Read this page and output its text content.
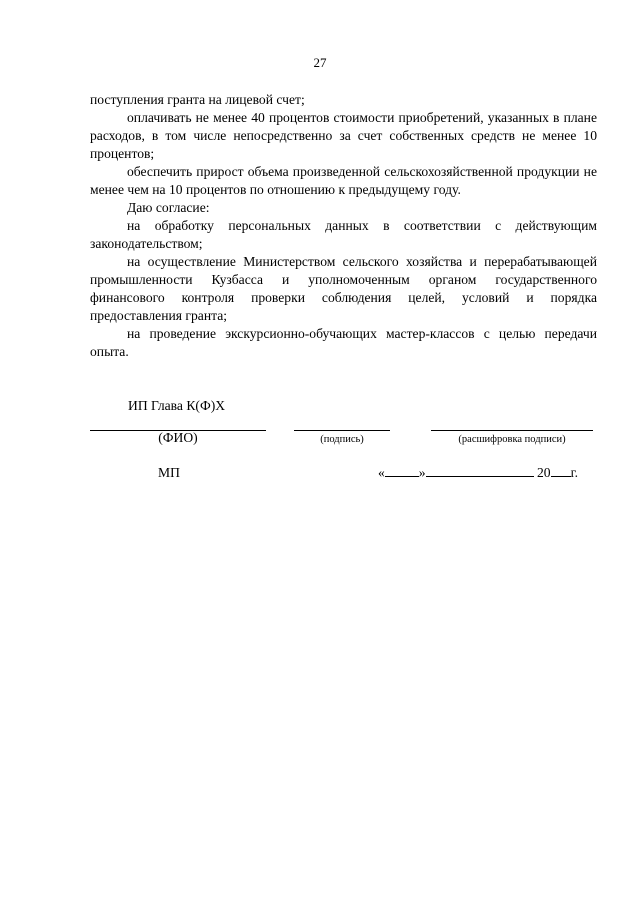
27

поступления гранта на лицевой счет;

оплачивать не менее 40 процентов стоимости приобретений, указанных в плане расходов, в том числе непосредственно за счет собственных средств не менее 10 процентов;

обеспечить прирост объема произведенной сельскохозяйственной продукции не менее чем на 10 процентов по отношению к предыдущему году.

Даю согласие:

на обработку персональных данных в соответствии с действующим законодательством;

на осуществление Министерством сельского хозяйства и перерабатывающей промышленности Кузбасса и уполномоченным органом государственного финансового контроля проверки соблюдения целей, условий и порядка предоставления гранта;

на проведение экскурсионно-обучающих мастер-классов с целью передачи опыта.

ИП Глава К(Ф)Х
(ФИО)	(подпись)	(расшифровка подписи)
МП	«	»	20 г.
